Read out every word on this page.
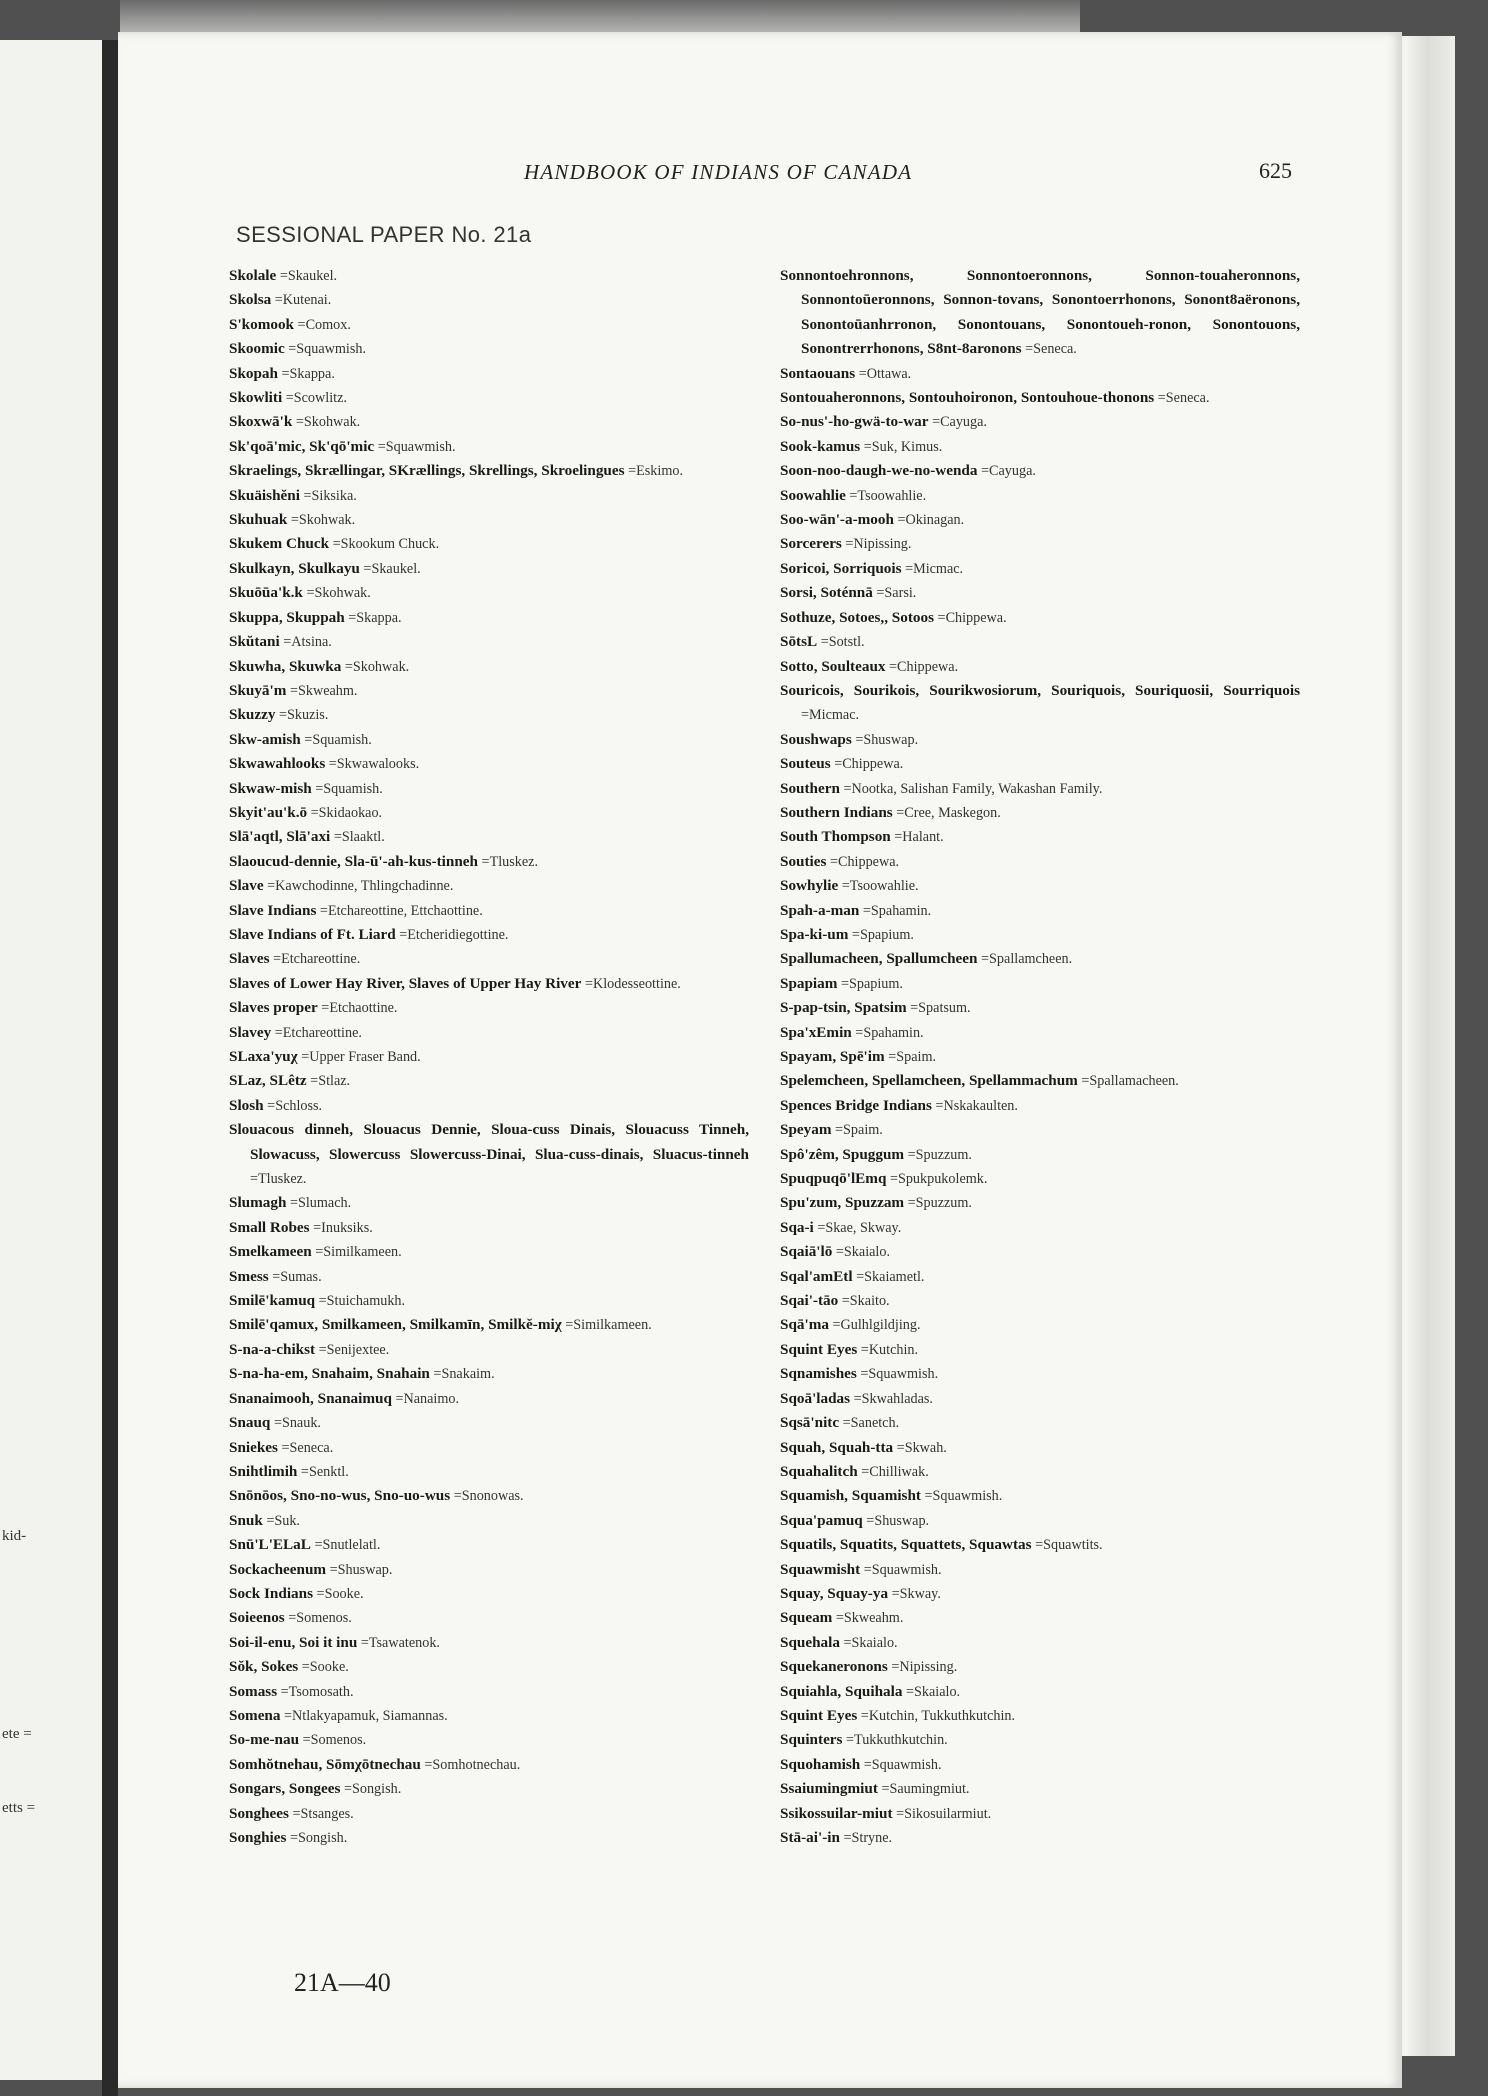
kid-
ete =
etts =
HANDBOOK OF INDIANS OF CANADA	625
SESSIONAL PAPER No. 21a
Skolale =Skaukel.
Skolsa =Kutenai.
S'komook =Comox.
Skoomic =Squawmish.
Skopah =Skappa.
Skowliti =Scowlitz.
Skoxwā'k =Skohwak.
Sk'qoā'mic, Sk'qō'mic =Squawmish.
Skraelings, Skrællingar, SKrællings, Skrellings, Skroelingues =Eskimo.
Skuäishĕni =Siksika.
Skuhuak =Skohwak.
Skukem Chuck =Skookum Chuck.
Skulkayn, Skulkayu =Skaukel.
Skuōūa'k.k =Skohwak.
Skuppa, Skuppah =Skappa.
Skŭtani =Atsina.
Skuwha, Skuwka =Skohwak.
Skuyā'm =Skweahm.
Skuzzy =Skuzis.
Skw-amish =Squamish.
Skwawahlooks =Skwawalooks.
Skwaw-mish =Squamish.
Skyit'au'k.ō =Skidaokao.
Slā'aqtl, Slā'axi =Slaaktl.
Slaoucud-dennie, Sla-ū'-ah-kus-tinneh =Tluskez.
Slave =Kawchodinne, Thlingchadinne.
Slave Indians =Etchareottine, Ettchaottine.
Slave Indians of Ft. Liard =Etcheridiegottine.
Slaves =Etchareottine.
Slaves of Lower Hay River, Slaves of Upper Hay River =Klodesseottine.
Slaves proper =Etchaottine.
Slavey =Etchareottine.
SLaxa'yuχ =Upper Fraser Band.
SLaz, SLêtz =Stlaz.
Slosh =Schloss.
Slouacous dinneh, Slouacus Dennie, Sloua-cuss Dinais, Slouacuss Tinneh, Slowacuss, Slowercuss Slowercuss-Dinai, Slua-cuss-dinais, Sluacus-tinneh =Tluskez.
Slumagh =Slumach.
Small Robes =Inuksiks.
Smelkameen =Similkameen.
Smess =Sumas.
Smilē'kamuq =Stuichamukh.
Smilē'qamux, Smilkameen, Smilkamīn, Smilkĕ-miχ =Similkameen.
S-na-a-chikst =Senijextee.
S-na-ha-em, Snahaim, Snahain =Snakaim.
Snanaimooh, Snanaimuq =Nanaimo.
Snauq =Snauk.
Sniekes =Seneca.
Snihtlimih =Senktl.
Snōnōos, Sno-no-wus, Sno-uo-wus =Snonowas.
Snuk =Suk.
Snū'L'ELaL =Snutlelatl.
Sockacheenum =Shuswap.
Sock Indians =Sooke.
Soieenos =Somenos.
Soi-il-enu, Soi it inu =Tsawatenok.
Sŏk, Sokes =Sooke.
Somass =Tsomosath.
Somena =Ntlakyapamuk, Siamannas.
So-me-nau =Somenos.
Somhŏtnehau, Sōmχōtnechau =Somhotnechau.
Songars, Songees =Songish.
Songhees =Stsanges.
Songhies =Songish.
Sonnontoehronnons, Sonnontoeronnons, Sonnon-touaheronnons, Sonnontoūeronnons, Sonnon-tovans, Sonontoerrhonons, Sonont8aëronons, Sonontoūanhrronon, Sonontouans, Sonontoueh-ronon, Sonontouons, Sonontrerrhonons, S8nt-8aronons =Seneca.
Sontaouans =Ottawa.
Sontouaheronnons, Sontouhoironon, Sontouhoue-thonons =Seneca.
So-nus'-ho-gwä-to-war =Cayuga.
Sook-kamus =Suk, Kimus.
Soon-noo-daugh-we-no-wenda =Cayuga.
Soowahlie =Tsoowahlie.
Soo-wān'-a-mooh =Okinagan.
Sorcerers =Nipissing.
Soricoi, Sorriquois =Micmac.
Sorsi, Soténnā =Sarsi.
Sothuze, Sotoes,, Sotoos =Chippewa.
SōtsL =Sotstl.
Sotto, Soulteaux =Chippewa.
Souricois, Sourikois, Sourikwosiorum, Souriquois, Souriquosii, Sourriquois =Micmac.
Soushwaps =Shuswap.
Souteus =Chippewa.
Southern =Nootka, Salishan Family, Wakashan Family.
Southern Indians =Cree, Maskegon.
South Thompson =Halant.
Souties =Chippewa.
Sowhylie =Tsoowahlie.
Spah-a-man =Spahamin.
Spa-ki-um =Spapium.
Spallumacheen, Spallumcheen =Spallamcheen.
Spapiam =Spapium.
S-pap-tsin, Spatsim =Spatsum.
Spa'xEmin =Spahamin.
Spayam, Spē'im =Spaim.
Spelemcheen, Spellamcheen, Spellammachum =Spallamacheen.
Spences Bridge Indians =Nskakaulten.
Speyam =Spaim.
Spô'zêm, Spuggum =Spuzzum.
Spuqpuqō'lEmq =Spukpukolemk.
Spu'zum, Spuzzam =Spuzzum.
Sqa-i =Skae, Skway.
Sqaiā'lō =Skaialo.
Sqal'amEtl =Skaiametl.
Sqai'-tāo =Skaito.
Sqā'ma =Gulhlgildjing.
Squint Eyes =Kutchin.
Sqnamishes =Squawmish.
Sqoā'ladas =Skwahladas.
Sqsā'nitc =Sanetch.
Squah, Squah-tta =Skwah.
Squahalitch =Chilliwak.
Squamish, Squamisht =Squawmish.
Squa'pamuq =Shuswap.
Squatils, Squatits, Squattets, Squawtas =Squawtits.
Squawmisht =Squawmish.
Squay, Squay-ya =Skway.
Squeam =Skweahm.
Squehala =Skaialo.
Squekaneronons =Nipissing.
Squiahla, Squihala =Skaialo.
Squint Eyes =Kutchin, Tukkuthkutchin.
Squinters =Tukkuthkutchin.
Squohamish =Squawmish.
Ssaiumingmiut =Saumingmiut.
Ssikossuilar-miut =Sikosuilarmiut.
Stā-ai'-in =Stryne.
21A—40
